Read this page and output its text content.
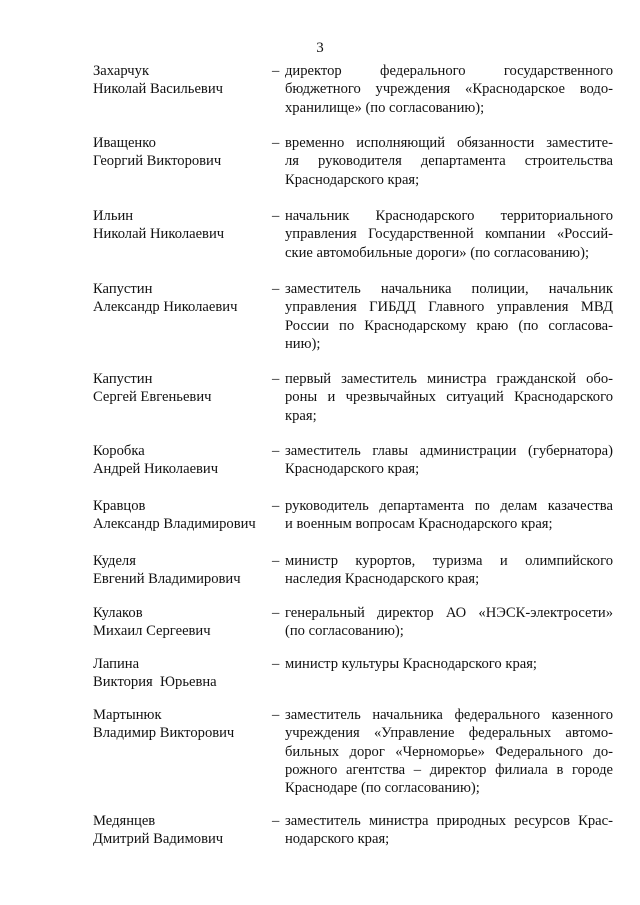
3
Захарчук
Николай Васильевич
– директор федерального государственного
бюджетного учреждения «Краснодарское водо-
хранилище» (по согласованию);
Иващенко
Георгий Викторович
– временно исполняющий обязанности заместите-
ля руководителя департамента строительства
Краснодарского края;
Ильин
Николай Николаевич
– начальник Краснодарского территориального
управления Государственной компании «Россий-
ские автомобильные дороги» (по согласованию);
Капустин
Александр Николаевич
– заместитель начальника полиции, начальник
управления ГИБДД Главного управления МВД
России по Краснодарскому краю (по согласова-
нию);
Капустин
Сергей Евгеньевич
– первый заместитель министра гражданской обо-
роны и чрезвычайных ситуаций Краснодарского
края;
Коробка
Андрей Николаевич
– заместитель главы администрации (губернатора)
Краснодарского края;
Кравцов
Александр Владимирович
– руководитель департамента по делам казачества
и военным вопросам Краснодарского края;
Куделя
Евгений Владимирович
– министр курортов, туризма и олимпийского
наследия Краснодарского края;
Кулаков
Михаил Сергеевич
– генеральный директор АО «НЭСК-электросети»
(по согласованию);
Лапина
Виктория  Юрьевна
– министр культуры Краснодарского края;
Мартынюк
Владимир Викторович
– заместитель начальника федерального казенного
учреждения «Управление федеральных автомо-
бильных дорог «Черноморье» Федерального до-
рожного агентства – директор филиала в городе
Краснодаре (по согласованию);
Медянцев
Дмитрий Вадимович
– заместитель министра природных ресурсов Крас-
нодарского края;
